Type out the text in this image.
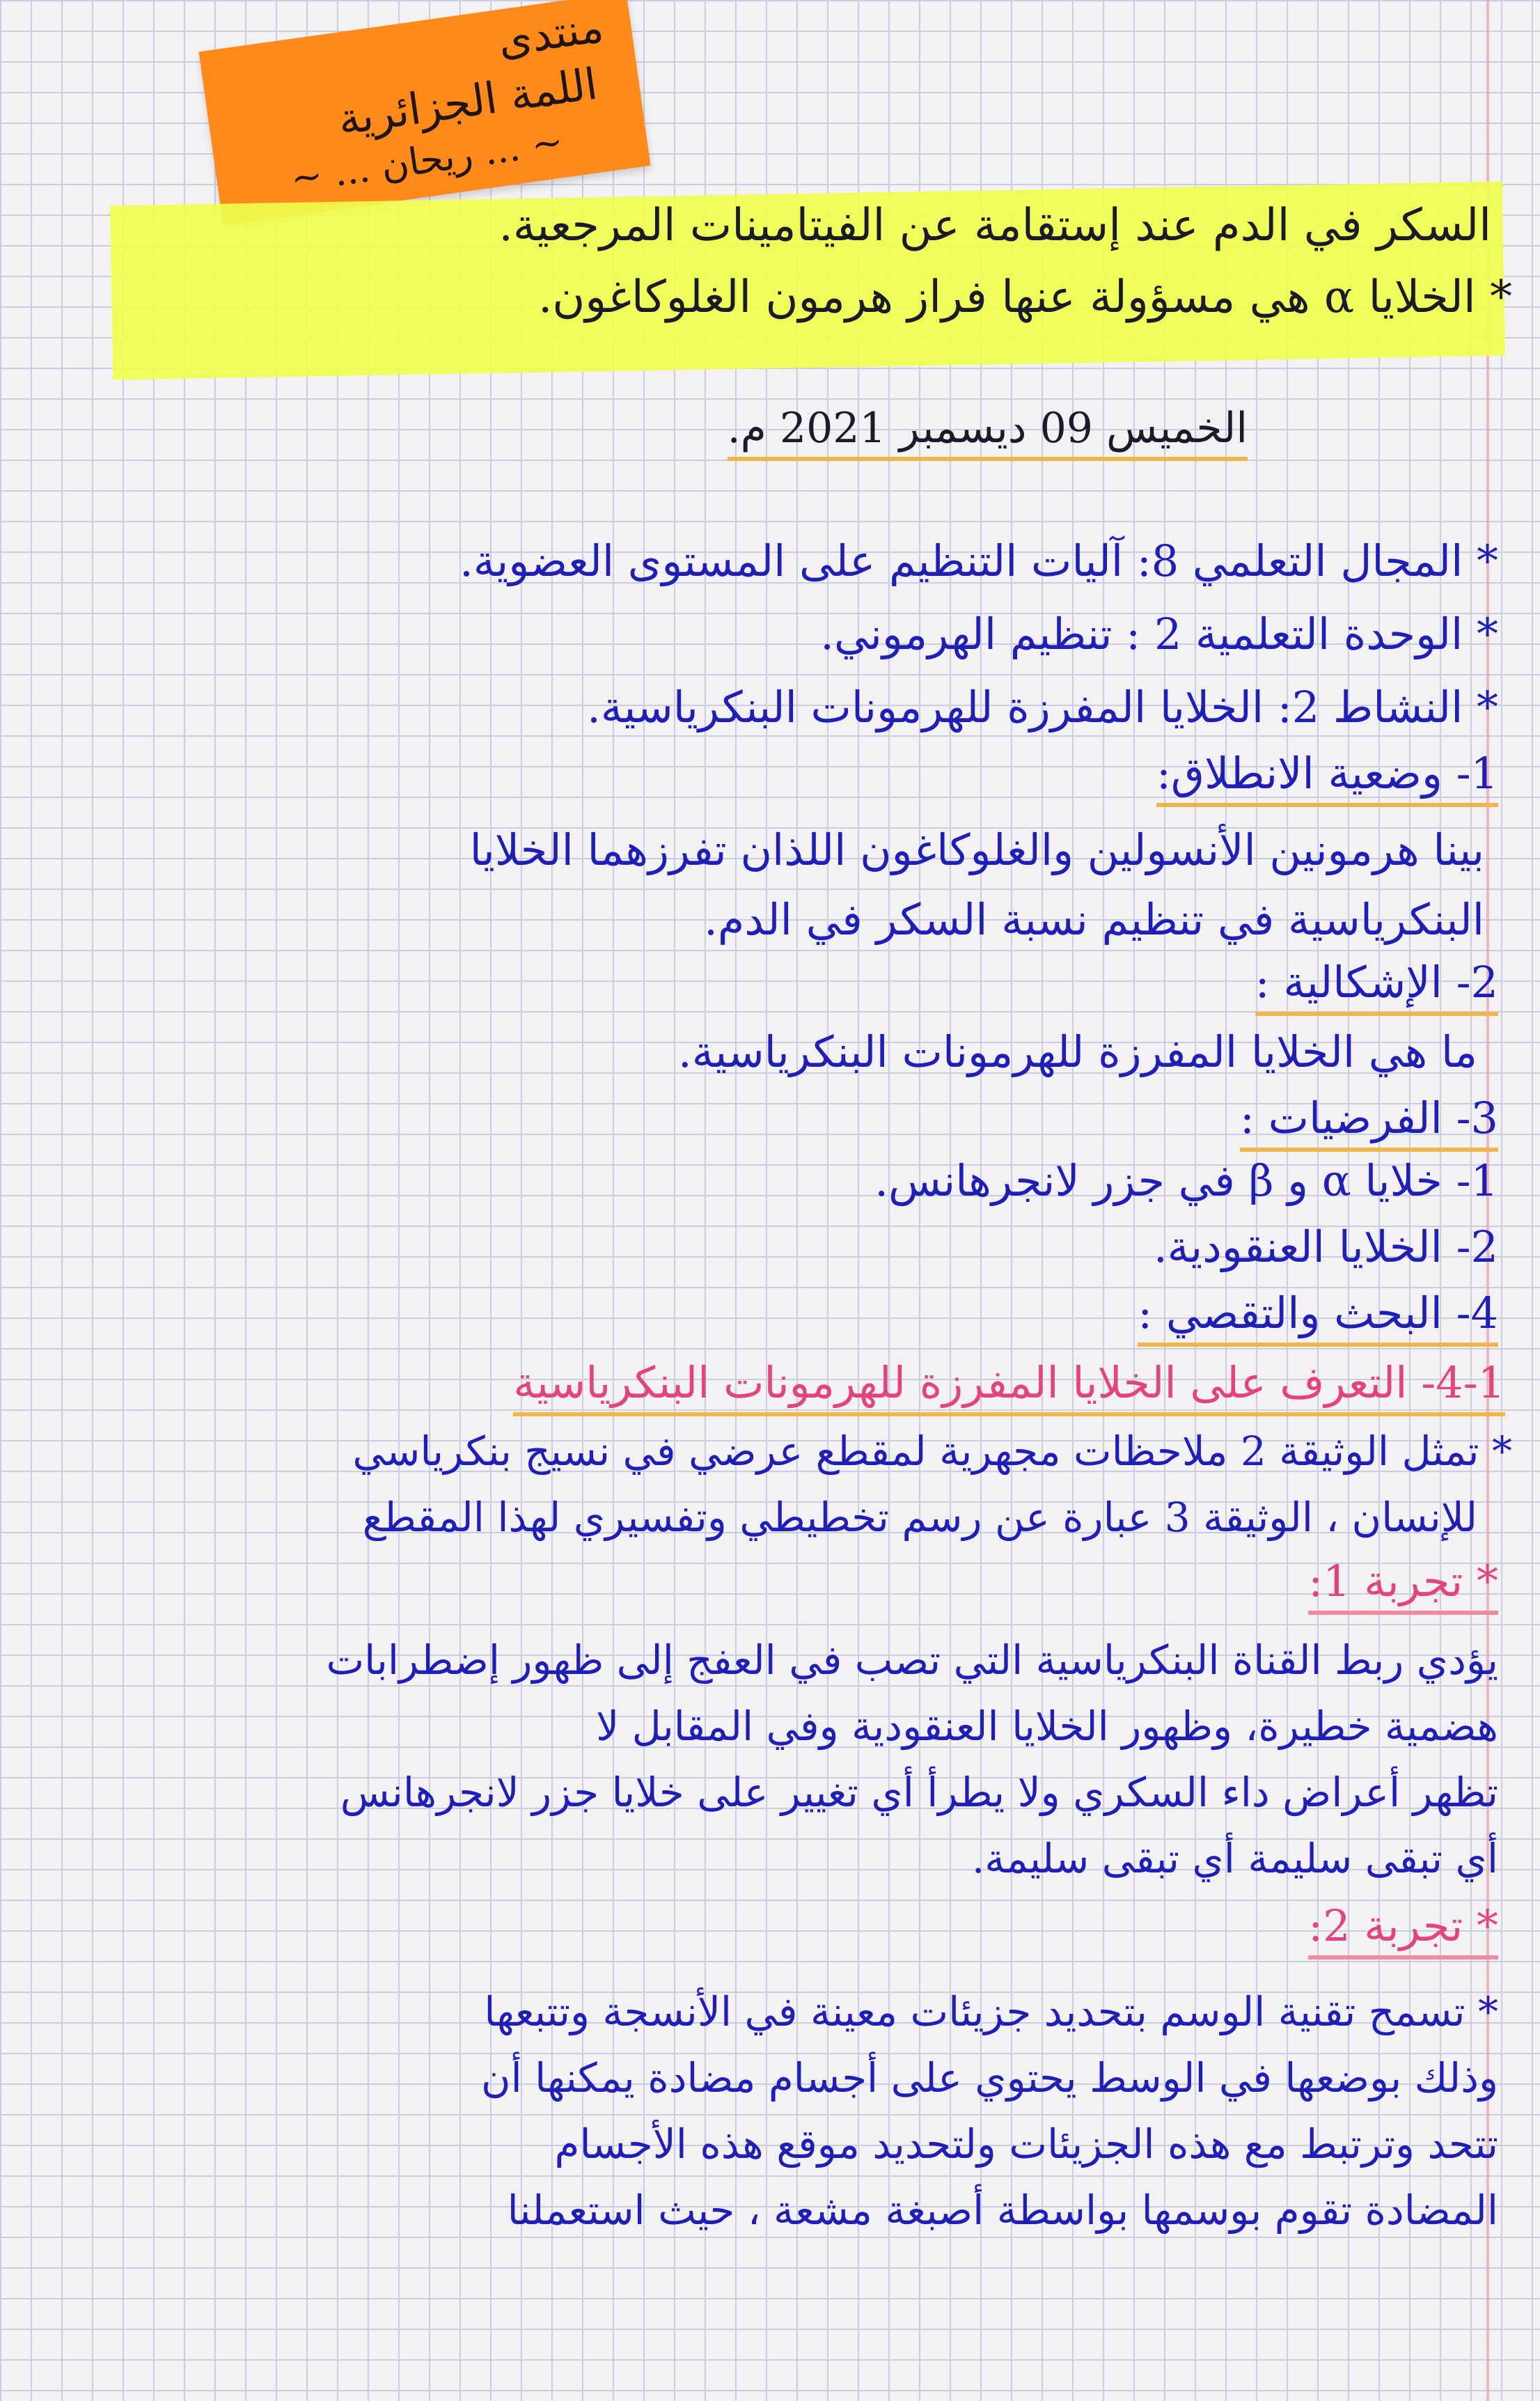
منتدى
اللمة الجزائرية
~ ... ريحان ... ~
السكر في الدم عند إستقامة عن الفيتامينات المرجعية.
* الخلايا α هي مسؤولة عنها فراز هرمون الغلوكاغون.
الخميس 09 ديسمبر 2021 م.
* المجال التعلمي 8: آليات التنظيم على المستوى العضوية.
* الوحدة التعلمية 2 : تنظيم الهرموني.
* النشاط 2: الخلايا المفرزة للهرمونات البنكرياسية.
1- وضعية الانطلاق:
بينا هرمونين الأنسولين والغلوكاغون اللذان تفرزهما الخلايا
البنكرياسية في تنظيم نسبة السكر في الدم.
2- الإشكالية :
ما هي الخلايا المفرزة للهرمونات البنكرياسية.
3- الفرضيات :
1- خلايا α و β في جزر لانجرهانس.
2- الخلايا العنقودية.
4- البحث والتقصي :
4-1- التعرف على الخلايا المفرزة للهرمونات البنكرياسية
* تمثل الوثيقة 2 ملاحظات مجهرية لمقطع عرضي في نسيج بنكرياسي
للإنسان ، الوثيقة 3 عبارة عن رسم تخطيطي وتفسيري لهذا المقطع
* تجربة 1:
يؤدي ربط القناة البنكرياسية التي تصب في العفج إلى ظهور إضطرابات
هضمية خطيرة، وظهور الخلايا العنقودية وفي المقابل لا
تظهر أعراض داء السكري ولا يطرأ أي تغيير على خلايا جزر لانجرهانس
أي تبقى سليمة أي تبقى سليمة.
* تجربة 2:
* تسمح تقنية الوسم بتحديد جزيئات معينة في الأنسجة وتتبعها
وذلك بوضعها في الوسط يحتوي على أجسام مضادة يمكنها أن
تتحد وترتبط مع هذه الجزيئات ولتحديد موقع هذه الأجسام
المضادة تقوم بوسمها بواسطة أصبغة مشعة ، حيث استعملنا
